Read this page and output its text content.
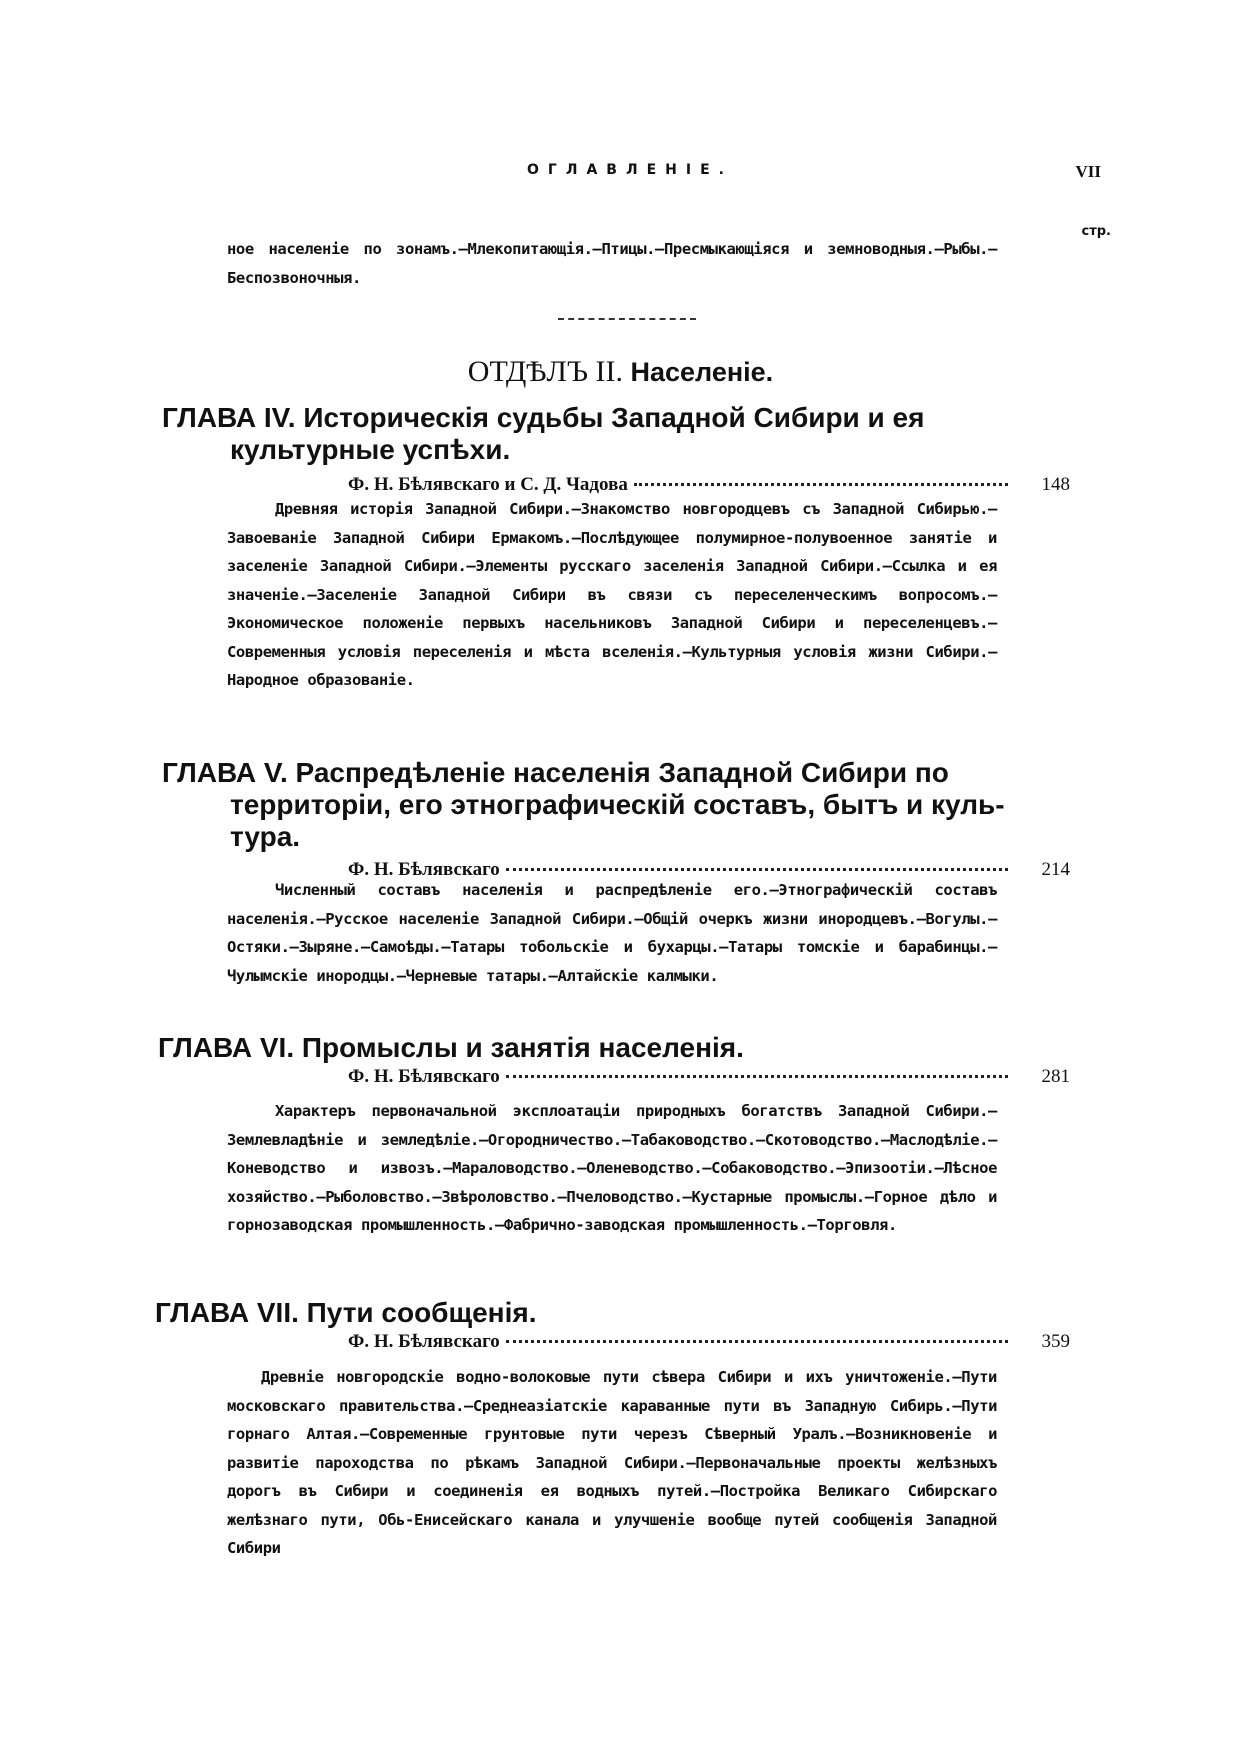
ОГЛАВЛЕНІЕ.	VII
стр.
ное населеніе по зонамъ.—Млекопитающія.—Птицы.—Пресмыкающіяся и земноводныя.—Рыбы.—Беспозвоночныя.
ОТДѢЛЪ II. Населеніе.
ГЛАВА IV. Историческія судьбы Западной Сибири и ея
культурные успѣхи.
Ф. Н. Бѣлявскаго и С. Д. Чадова	148
Древняя исторія Западной Сибири.—Знакомство новгородцевъ съ Западной Сибирью.—Завоеваніе Западной Сибири Ермакомъ.—Послѣдующее полумирное-полувоенное занятіе и заселеніе Западной Сибири.—Элементы русскаго заселенія Западной Сибири.—Ссылка и ея значеніе.—Заселеніе Западной Сибири въ связи съ переселенческимъ вопросомъ.—Экономическое положеніе первыхъ насельниковъ Западной Сибири и переселенцевъ.—Современныя условія переселенія и мѣста вселенія.—Культурныя условія жизни Сибири.—Народное образованіе.
ГЛАВА V. Распредѣленіе населенія Западной Сибири по
территоріи, его этнографическій составъ, бытъ и куль-
тура.
Ф. Н. Бѣлявскаго	214
Численный составъ населенія и распредѣленіе его.—Этнографическій составъ населенія.—Русское населеніе Западной Сибири.—Общій очеркъ жизни инородцевъ.—Вогулы.—Остяки.—Зыряне.—Самоѣды.—Татары тобольскіе и бухарцы.—Татары томскіе и барабинцы.—Чулымскіе инородцы.—Черневые татары.—Алтайскіе калмыки.
ГЛАВА VI. Промыслы и занятія населенія.
Ф. Н. Бѣлявскаго	281
Характеръ первоначальной эксплоатаціи природныхъ богатствъ Западной Сибири.—Землевладѣніе и земледѣліе.—Огородничество.—Табаководство.—Скотоводство.—Маслодѣліе.—Коневодство и извозъ.—Мараловодство.—Оленеводство.—Собаководство.—Эпизоотіи.—Лѣсное хозяйство.—Рыболовство.—Звѣроловство.—Пчеловодство.—Кустарные промыслы.—Горное дѣло и горнозаводская промышленность.—Фабрично-заводская промышленность.—Торговля.
ГЛАВА VII. Пути сообщенія.
Ф. Н. Бѣлявскаго	359
Древніе новгородскіе водно-волоковые пути сѣвера Сибири и ихъ уничтоженіе.—Пути московскаго правительства.—Среднеазіатскіе караванные пути въ Западную Сибирь.—Пути горнаго Алтая.—Современные грунтовые пути черезъ Сѣверный Уралъ.—Возникновеніе и развитіе пароходства по рѣкамъ Западной Сибири.—Первоначальные проекты желѣзныхъ дорогъ въ Сибири и соединенія ея водныхъ путей.—Постройка Великаго Сибирскаго желѣзнаго пути, Обь-Енисейскаго канала и улучшеніе вообще путей сообщенія Западной Сибири
